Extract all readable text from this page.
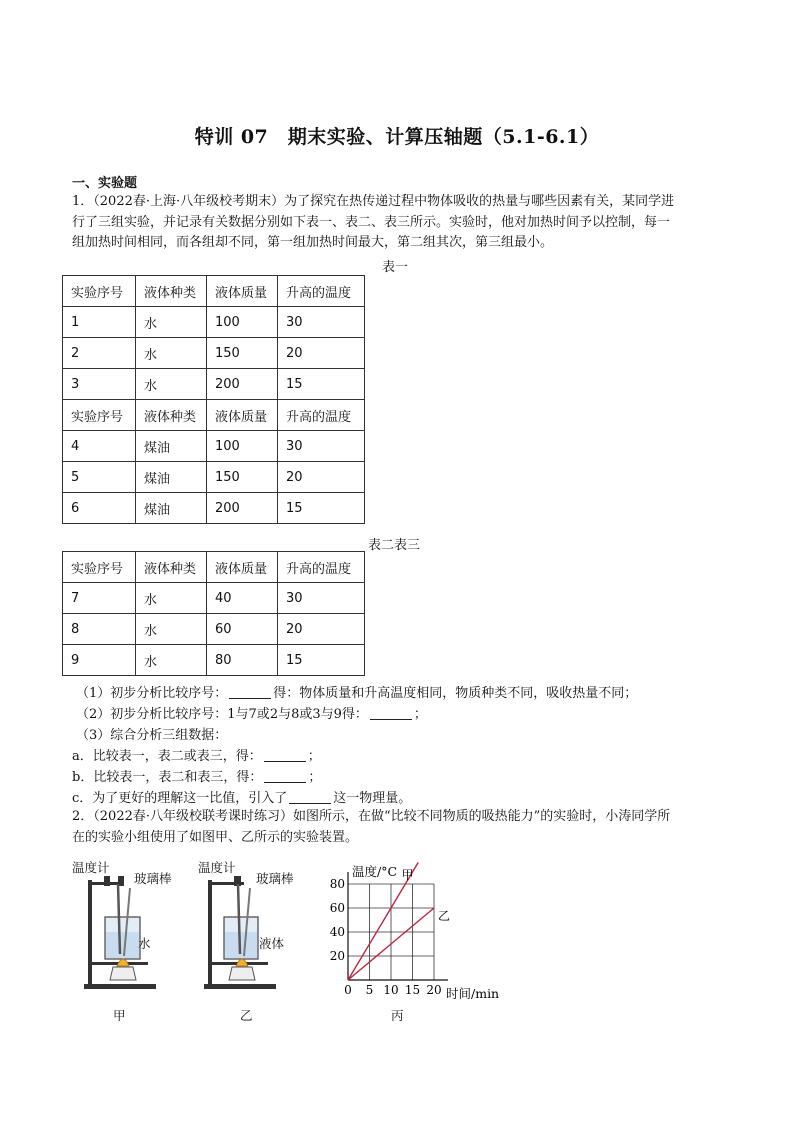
特训 07　期末实验、计算压轴题（5.1-6.1）
一、实验题
1．（2022春·上海·八年级校考期末）为了探究在热传递过程中物体吸收的热量与哪些因素有关，某同学进
行了三组实验，并记录有关数据分别如下表一、表二、表三所示。实验时，他对加热时间予以控制，每一
组加热时间相同，而各组却不同，第一组加热时间最大，第二组其次，第三组最小。
表一
实验序号	液体种类	液体质量	升高的温度
1	水	100	30
2	水	150	20
3	水	200	15
实验序号	液体种类	液体质量	升高的温度
4	煤油	100	30
5	煤油	150	20
6	煤油	200	15
表二表三
实验序号	液体种类	液体质量	升高的温度
7	水	40	30
8	水	60	20
9	水	80	15
（1）初步分析比较序号：	得：物体质量和升高温度相同，物质种类不同，吸收热量不同；
（2）初步分析比较序号：1与7或2与8或3与9得：	；
（3）综合分析三组数据：
a．比较表一，表二或表三，得：	；
b．比较表一，表二和表三，得：	；
c．为了更好的理解这一比值，引入了	这一物理量。
2．（2022春·八年级校联考课时练习）如图所示，在做“比较不同物质的吸热能力”的实验时，小涛同学所
在的实验小组使用了如图甲、乙所示的实验装置。
温度计
玻璃棒
水
甲
温度计
玻璃棒
液体
乙
0 5 10 15 20
20
40
60
80
温度/°C
时间/min
甲
乙
丙
